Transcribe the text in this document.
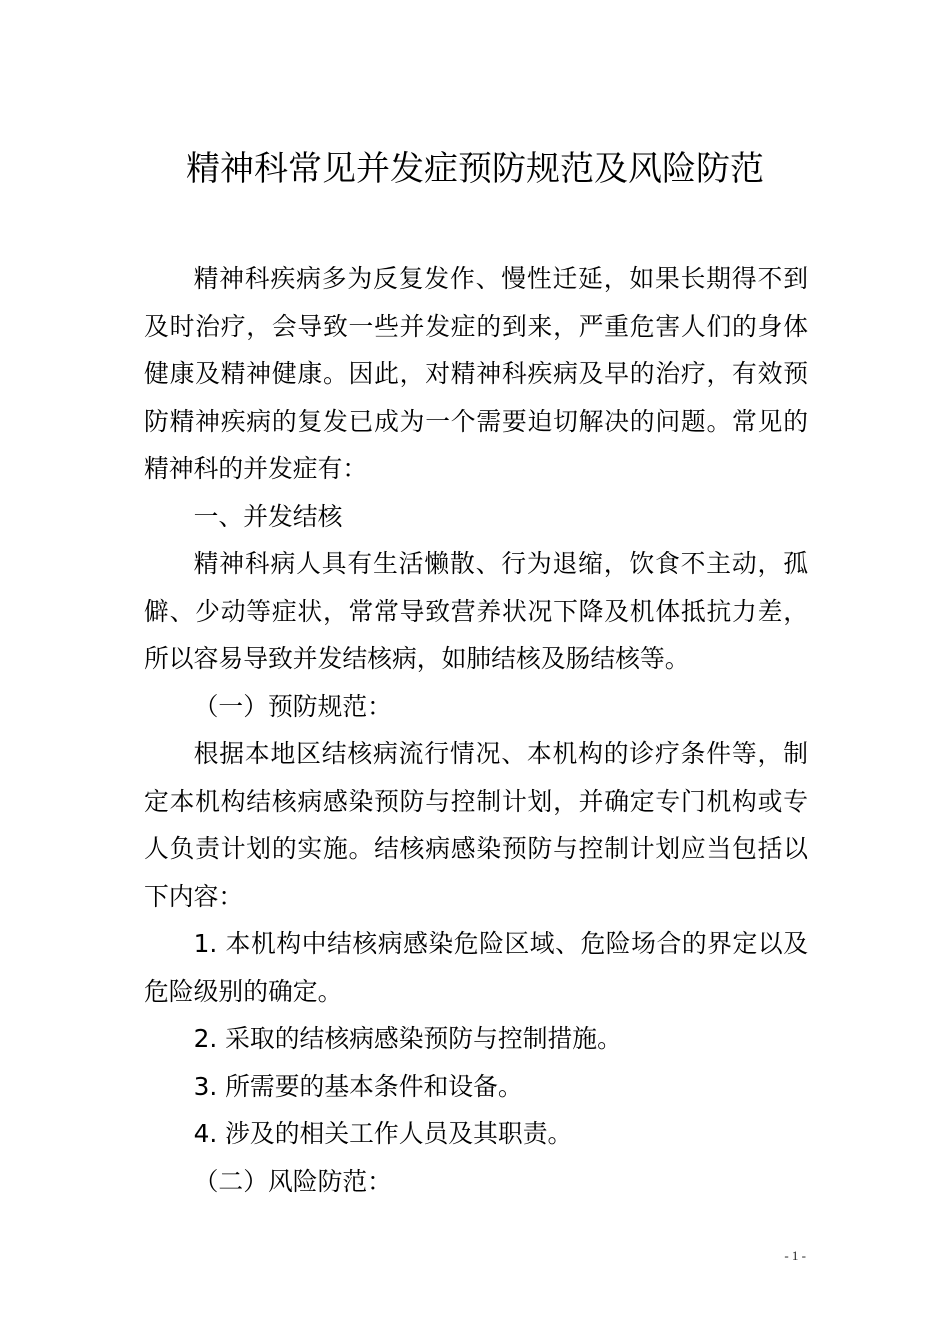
精神科常见并发症预防规范及风险防范

精神科疾病多为反复发作、慢性迁延，如果长期得不到及时治疗，会导致一些并发症的到来，严重危害人们的身体健康及精神健康。因此，对精神科疾病及早的治疗，有效预防精神疾病的复发已成为一个需要迫切解决的问题。常见的精神科的并发症有：

一、并发结核

精神科病人具有生活懒散、行为退缩，饮食不主动，孤僻、少动等症状，常常导致营养状况下降及机体抵抗力差，所以容易导致并发结核病，如肺结核及肠结核等。

（一）预防规范：

根据本地区结核病流行情况、本机构的诊疗条件等，制定本机构结核病感染预防与控制计划，并确定专门机构或专人负责计划的实施。结核病感染预防与控制计划应当包括以下内容：

1. 本机构中结核病感染危险区域、危险场合的界定以及危险级别的确定。

2. 采取的结核病感染预防与控制措施。

3. 所需要的基本条件和设备。

4. 涉及的相关工作人员及其职责。

（二）风险防范：

- 1 -
